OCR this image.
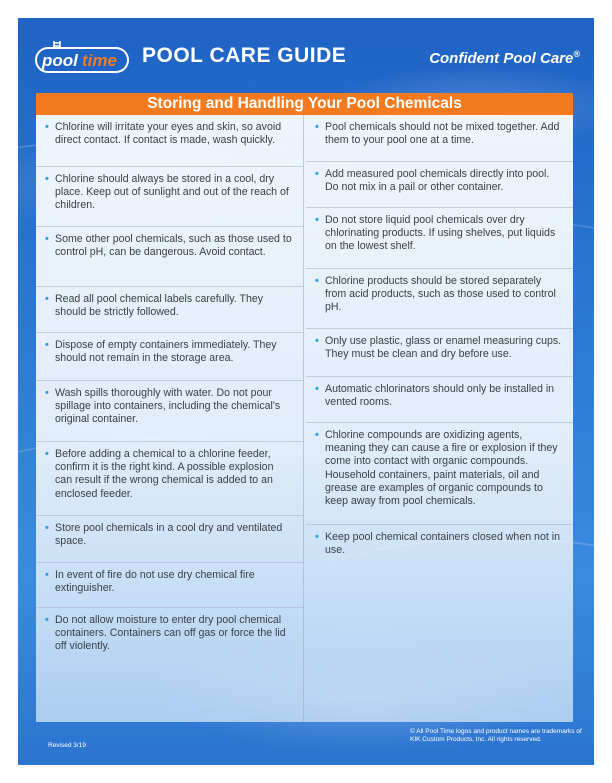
pool time POOL CARE GUIDE	Confident Pool Care®
Storing and Handling Your Pool Chemicals
• Chlorine will irritate your eyes and skin, so avoid direct contact. If contact is made, wash quickly.
• Chlorine should always be stored in a cool, dry place. Keep out of sunlight and out of the reach of children.
• Some other pool chemicals, such as those used to control pH, can be dangerous. Avoid contact.
• Read all pool chemical labels carefully. They should be strictly followed.
• Dispose of empty containers immediately. They should not remain in the storage area.
• Wash spills thoroughly with water. Do not pour spillage into containers, including the chemical's original container.
• Before adding a chemical to a chlorine feeder, confirm it is the right kind. A possible explosion can result if the wrong chemical is added to an enclosed feeder.
• Store pool chemicals in a cool dry and ventilated space.
• In event of fire do not use dry chemical fire extinguisher.
• Do not allow moisture to enter dry pool chemical containers. Containers can off gas or force the lid off violently.
• Pool chemicals should not be mixed together. Add them to your pool one at a time.
• Add measured pool chemicals directly into pool. Do not mix in a pail or other container.
• Do not store liquid pool chemicals over dry chlorinating products. If using shelves, put liquids on the lowest shelf.
• Chlorine products should be stored separately from acid products, such as those used to control pH.
• Only use plastic, glass or enamel measuring cups. They must be clean and dry before use.
• Automatic chlorinators should only be installed in vented rooms.
• Chlorine compounds are oxidizing agents, meaning they can cause a fire or explosion if they come into contact with organic compounds. Household containers, paint materials, oil and grease are examples of organic compounds to keep away from pool chemicals.
• Keep pool chemical containers closed when not in use.
Revised 3/19
© All Pool Time logos and product names are trademarks of KIK Custom Products, Inc. All rights reserved.
